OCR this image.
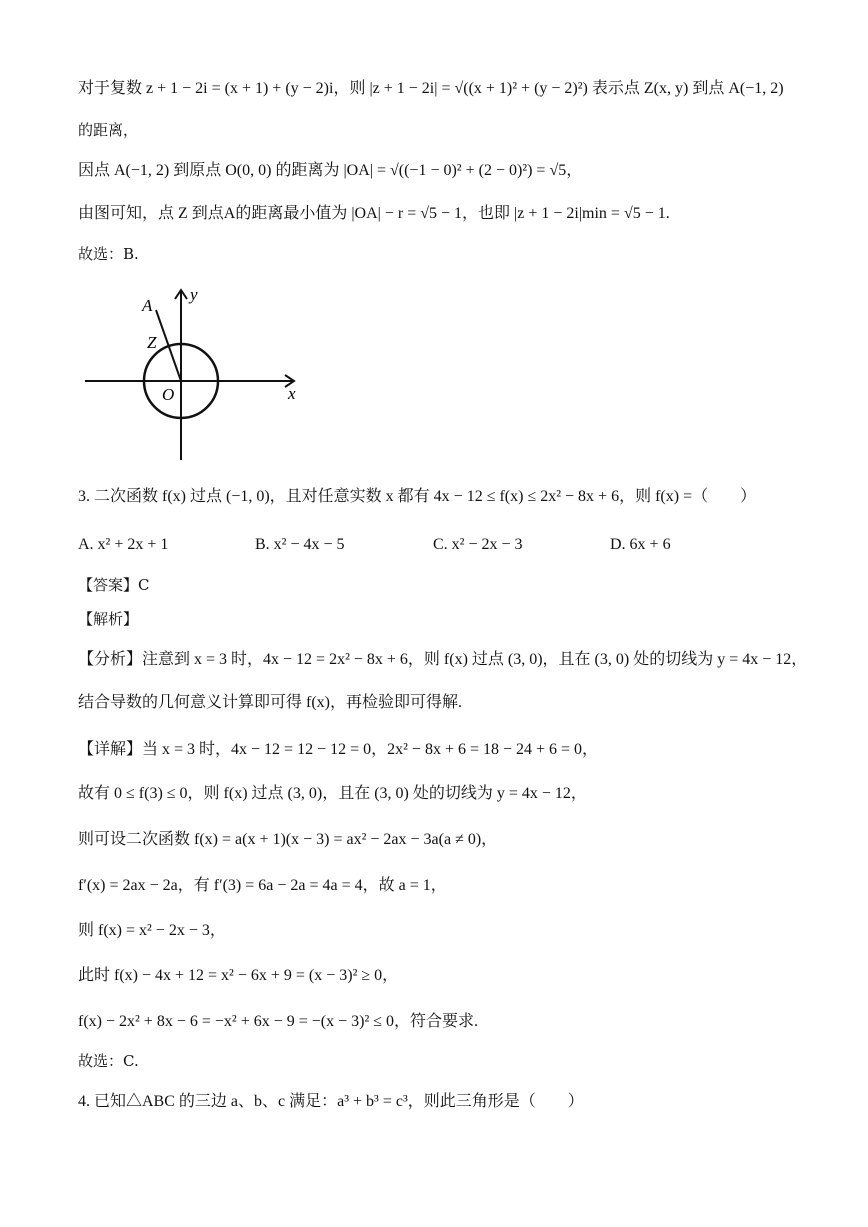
对于复数 z + 1 − 2i = (x + 1) + (y − 2)i，则 |z + 1 − 2i| = √((x + 1)² + (y − 2)²) 表示点 Z(x, y) 到点 A(−1, 2)
的距离，
因点 A(−1, 2) 到原点 O(0, 0) 的距离为 |OA| = √((−1 − 0)² + (2 − 0)²) = √5，
由图可知，点 Z 到点A的距离最小值为 |OA| − r = √5 − 1，也即 |z + 1 − 2i|min = √5 − 1.
故选：B.
A
Z
O	x
y
3. 二次函数 f(x) 过点 (−1, 0)，且对任意实数 x 都有 4x − 12 ≤ f(x) ≤ 2x² − 8x + 6，则 f(x) =（　　）
A. x² + 2x + 1	B. x² − 4x − 5	C. x² − 2x − 3	D. 6x + 6
【答案】C
【解析】
【分析】注意到 x = 3 时，4x − 12 = 2x² − 8x + 6，则 f(x) 过点 (3, 0)，且在 (3, 0) 处的切线为 y = 4x − 12，
结合导数的几何意义计算即可得 f(x)，再检验即可得解.
【详解】当 x = 3 时，4x − 12 = 12 − 12 = 0，2x² − 8x + 6 = 18 − 24 + 6 = 0，
故有 0 ≤ f(3) ≤ 0，则 f(x) 过点 (3, 0)，且在 (3, 0) 处的切线为 y = 4x − 12，
则可设二次函数 f(x) = a(x + 1)(x − 3) = ax² − 2ax − 3a(a ≠ 0)，
f′(x) = 2ax − 2a，有 f′(3) = 6a − 2a = 4a = 4，故 a = 1，
则 f(x) = x² − 2x − 3，
此时 f(x) − 4x + 12 = x² − 6x + 9 = (x − 3)² ≥ 0，
f(x) − 2x² + 8x − 6 = −x² + 6x − 9 = −(x − 3)² ≤ 0，符合要求.
故选：C.
4. 已知△ABC 的三边 a、b、c 满足：a³ + b³ = c³，则此三角形是（　　）
